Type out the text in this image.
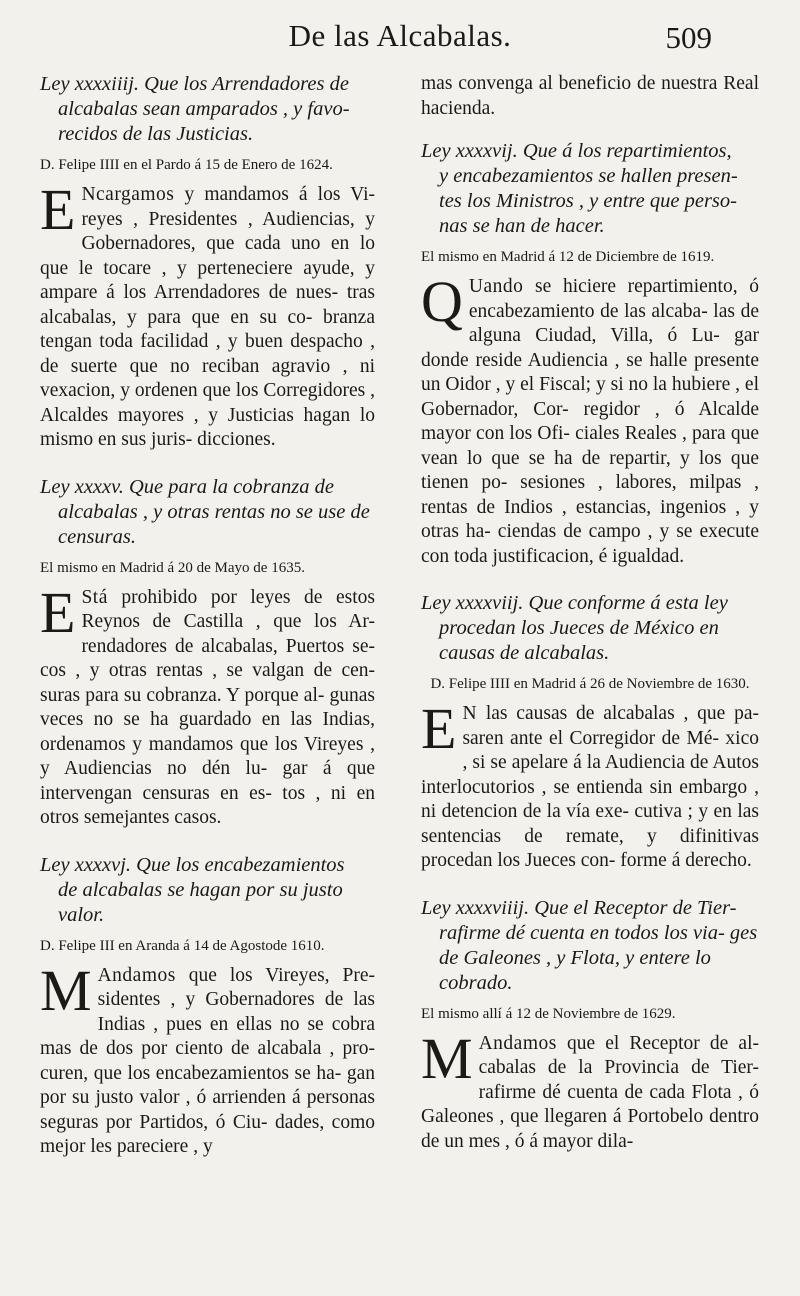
De las Alcabalas.	509

Ley xxxxiiij. Que los Arrendadores de
alcabalas sean amparados , y favo- recidos de las Justicias.

D. Felipe IIII en el Pardo á 15 de Enero de 1624.

E Ncargamos y mandamos á los Vi- reyes , Presidentes , Audiencias, y Gobernadores, que cada uno en lo que le tocare , y perteneciere ayude, y ampare á los Arrendadores de nues- tras alcabalas, y para que en su co- branza tengan toda facilidad , y buen despacho , de suerte que no reciban agravio , ni vexacion, y ordenen que los Corregidores , Alcaldes mayores , y Justicias hagan lo mismo en sus juris- dicciones.

Ley xxxxv. Que para la cobranza de
alcabalas , y otras rentas no se use de censuras.

El mismo en Madrid á 20 de Mayo de 1635.

E Stá prohibido por leyes de estos Reynos de Castilla , que los Ar- rendadores de alcabalas, Puertos se- cos , y otras rentas , se valgan de cen- suras para su cobranza. Y porque al- gunas veces no se ha guardado en las Indias, ordenamos y mandamos que los Vireyes , y Audiencias no dén lu- gar á que intervengan censuras en es- tos , ni en otros semejantes casos.

Ley xxxxvj. Que los encabezamientos
de alcabalas se hagan por su justo valor.

D. Felipe III en Aranda á 14 de Agostode 1610.

M Andamos que los Vireyes, Pre- sidentes , y Gobernadores de las Indias , pues en ellas no se cobra mas de dos por ciento de alcabala , pro- curen, que los encabezamientos se ha- gan por su justo valor , ó arrienden á personas seguras por Partidos, ó Ciu- dades, como mejor les pareciere , y

mas convenga al beneficio de nuestra Real hacienda.

Ley xxxxvij. Que á los repartimientos,
y encabezamientos se hallen presen- tes los Ministros , y entre que perso- nas se han de hacer.

El mismo en Madrid á 12 de Diciembre de 1619.

Q Uando se hiciere repartimiento, ó encabezamiento de las alcaba- las de alguna Ciudad, Villa, ó Lu- gar donde reside Audiencia , se halle presente un Oidor , y el Fiscal; y si no la hubiere , el Gobernador, Cor- regidor , ó Alcalde mayor con los Ofi- ciales Reales , para que vean lo que se ha de repartir, y los que tienen po- sesiones , labores, milpas , rentas de Indios , estancias, ingenios , y otras ha- ciendas de campo , y se execute con toda justificacion, é igualdad.

Ley xxxxviij. Que conforme á esta ley
procedan los Jueces de México en causas de alcabalas.

D. Felipe IIII en Madrid á 26 de Noviembre de 1630.

E N las causas de alcabalas , que pa- saren ante el Corregidor de Mé- xico , si se apelare á la Audiencia de Autos interlocutorios , se entienda sin embargo , ni detencion de la vía exe- cutiva ; y en las sentencias de remate, y difinitivas procedan los Jueces con- forme á derecho.

Ley xxxxviiij. Que el Receptor de Tier-
rafirme dé cuenta en todos los via- ges de Galeones , y Flota, y entere lo cobrado.

El mismo allí á 12 de Noviembre de 1629.

M Andamos que el Receptor de al- cabalas de la Provincia de Tier- rafirme dé cuenta de cada Flota , ó Galeones , que llegaren á Portobelo dentro de un mes , ó á mayor dila-
